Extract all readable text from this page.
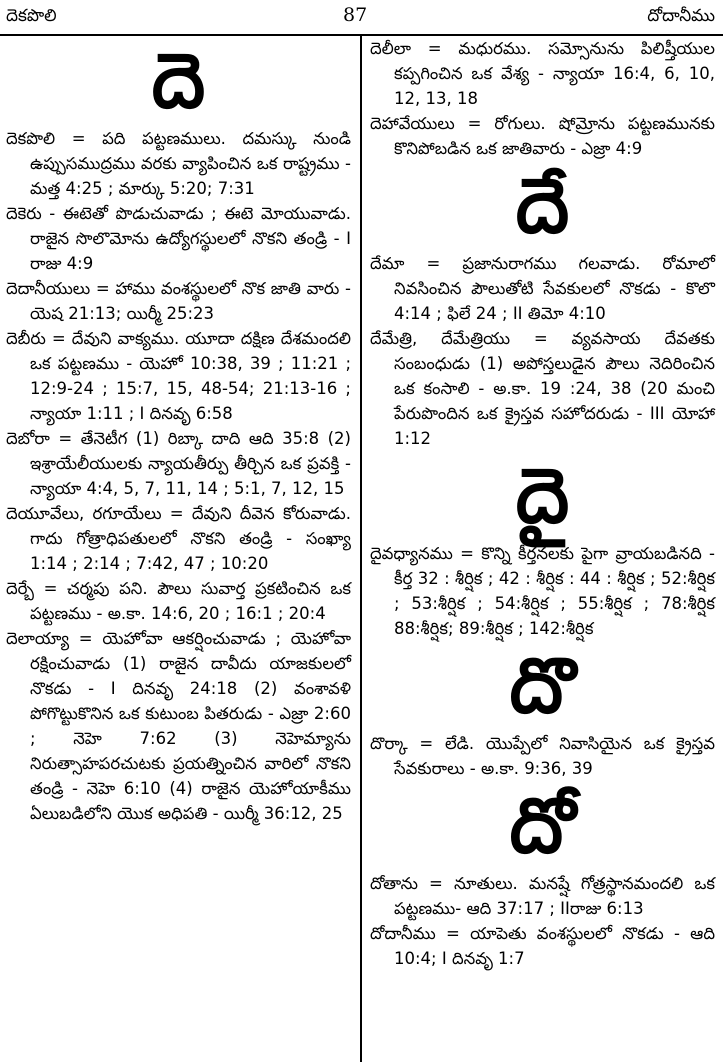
దెకపొలి	87	దోదానీము
దె
దెకపొలి = పది పట్టణములు. దమస్కు నుండి ఉప్పుసముద్రము వరకు వ్యాపించిన ఒక రాష్ట్రము - మత్త 4:25 ; మార్కు 5:20; 7:31
దెకెరు - ఈటెతో పొడుచువాడు ; ఈటె వెూయువాడు. రాజైన సొలొమోను ఉద్యోగస్థులలో నొకని తండ్రి - I రాజు 4:9
దెదానీయులు = హాము వంశస్థులలో నొక జాతి వారు - యెష 21:13; యిర్మీ 25:23
దెబీరు = దేవుని వాక్యము. యూదా దక్షిణ దేశమందలి ఒక పట్టణము - యెహో 10:38, 39 ; 11:21 ; 12:9-24 ; 15:7, 15, 48-54; 21:13-16 ; న్యాయా 1:11 ; I దినవృ 6:58
దెబోరా = తేనెటీగ (1) రిబ్కా దాది ఆది 35:8 (2) ఇశ్రాయేలీయులకు న్యాయతీర్పు తీర్చిన ఒక ప్రవక్తి - న్యాయా 4:4, 5, 7, 11, 14 ; 5:1, 7, 12, 15
దెయూవేలు, రగూయేలు = దేవుని దీవెన కోరువాడు. గాదు గోత్రాధిపతులలో నొకని తండ్రి - సంఖ్యా 1:14 ; 2:14 ; 7:42, 47 ; 10:20
దెర్బే = చర్మపు పని. పౌలు సువార్త ప్రకటించిన ఒక పట్టణము - అ.కా. 14:6, 20 ; 16:1 ; 20:4
దెలాయ్యా = యెహోవా ఆకర్షించువాడు ; యెహోవా రక్షించువాడు (1) రాజైన దావీదు యాజకులలో నొకడు - I దినవృ 24:18 (2) వంశావళి పోగొట్టుకొనిన ఒక కుటుంబ పితరుడు - ఎజ్రా 2:60 ; నెహె 7:62 (3) నెహెమ్యాను నిరుత్సాహపరచుటకు ప్రయత్నించిన వారిలో నొకని తండ్రి - నెహె 6:10 (4) రాజైన యెహోయాకీము ఏలుబడిలోని యొక అధిపతి - యిర్మీ 36:12, 25
దెలీలా = మధురము. సమ్సోనును పిలిష్తీయుల కప్పగించిన ఒక వేశ్య - న్యాయా 16:4, 6, 10, 12, 13, 18
దెహావేయులు = రోగులు. షోమ్రోను పట్టణమునకు కొనిపోబడిన ఒక జాతివారు - ఎజ్రా 4:9
దే
దేమా = ప్రజానురాగము గలవాడు. రోమాలో నివసించిన పౌలుతోటి సేవకులలో నొకడు - కొలొ 4:14 ; ఫిలే 24 ; II తిమో 4:10
దేమేత్రి, దేమేత్రియు = వ్యవసాయ దేవతకు సంబంధుడు (1) అపోస్తలుడైన పౌలు నెదిరించిన ఒక కంసాలి - అ.కా. 19 :24, 38 (20 మంచి పేరుపొందిన ఒక క్రైస్తవ సహోదరుడు - III యోహా 1:12
దై
దైవధ్యానము = కొన్ని కీర్తనలకు పైగా వ్రాయబడినది - కీర్త 32 : శీర్షిక ; 42 : శీర్షిక : 44 : శీర్షిక ; 52:శీర్షిక ; 53:శీర్షిక ; 54:శీర్షిక ; 55:శీర్షిక ; 78:శీర్షిక 88:శీర్షిక; 89:శీర్షిక ; 142:శీర్షిక
దొ
దొర్కా = లేడి. యొప్పేలో నివాసియైన ఒక క్రైస్తవ సేవకురాలు - అ.కా. 9:36, 39
దో
దోతాను = నూతులు. మనష్షే గోత్రస్థానమందలి ఒక పట్టణము- ఆది 37:17 ; IIరాజు 6:13
దోదానీము = యాపెతు వంశస్థులలో నొకడు - ఆది 10:4; I దినవృ 1:7
